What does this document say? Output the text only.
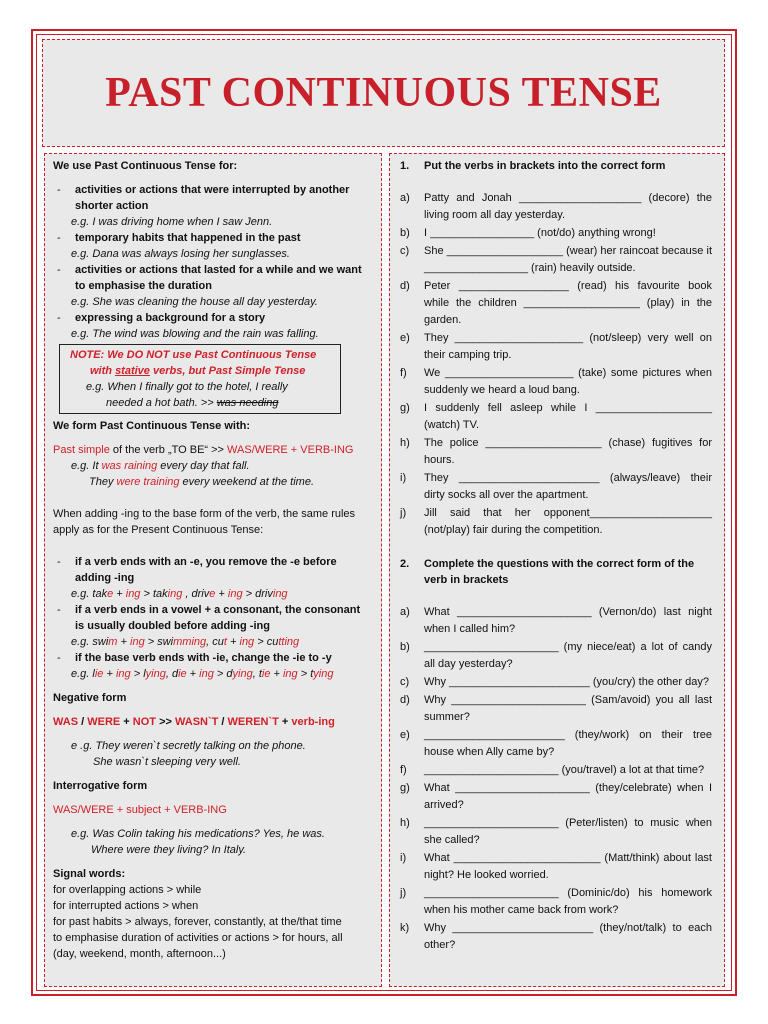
PAST CONTINUOUS TENSE

We use Past Continuous Tense for:

-	activities or actions that were interrupted by another shorter action

e.g. I was driving home when I saw Jenn.

-	temporary habits that happened in the past

e.g. Dana was always losing her sunglasses.

-	activities or actions that lasted for a while and we want to emphasise the duration

e.g. She was cleaning the house all day yesterday.

-	expressing a background for a story

e.g. The wind was blowing and the rain was falling.

NOTE: We DO NOT use Past Continuous Tense

with stative verbs, but Past Simple Tense

e.g. When I finally got to the hotel, I really

needed a hot bath. >> was needing

We form Past Continuous Tense with:

Past simple of the verb „TO BE“ >> WAS/WERE + VERB-ING

e.g. It was raining every day that fall.

They were training every weekend at the time.

When adding -ing to the base form of the verb, the same rules apply as for the Present Continuous Tense:

-	if a verb ends with an -e, you remove the -e before adding -ing

e.g. take + ing > taking , drive + ing > driving

-	if a verb ends in a vowel + a consonant, the consonant is usually doubled before adding -ing

e.g. swim + ing > swimming, cut + ing > cutting

-	if the base verb ends with -ie, change the -ie to -y

e.g. lie + ing > lying, die + ing > dying, tie + ing > tying

Negative form

WAS / WERE + NOT >> WASN`T / WEREN`T + verb-ing

e .g. They weren`t secretly talking on the phone.

She wasn`t sleeping very well.

Interrogative form

WAS/WERE + subject + VERB-ING

e.g. Was Colin taking his medications? Yes, he was.

Where were they living? In Italy.

Signal words:

for overlapping actions > while

for interrupted actions > when

for past habits > always, forever, constantly, at the/that time

to emphasise duration of activities or actions > for hours, all

(day, weekend, month, afternoon...)

1.	Put the verbs in brackets into the correct form
a)	Patty and Jonah ____________________ (decore) the living room all day yesterday.
b)	I _________________ (not/do) anything wrong!
c)	She ___________________ (wear) her raincoat because it _________________ (rain) heavily outside.
d)	Peter __________________ (read) his favourite book while the children ___________________ (play) in the garden.
e)	They _____________________ (not/sleep) very well on their camping trip.
f)	We _____________________ (take) some pictures when suddenly we heard a loud bang.
g)	I suddenly fell asleep while I ___________________ (watch) TV.
h)	The police ___________________ (chase) fugitives for hours.
i)	They _______________________ (always/leave) their dirty socks all over the apartment.
j)	Jill said that her opponent____________________ (not/play) fair during the competition.
2.	Complete the questions with the correct form of the verb in brackets
a)	What ______________________ (Vernon/do) last night when I called him?
b)	______________________ (my niece/eat) a lot of candy all day yesterday?
c)	Why _______________________ (you/cry) the other day?
d)	Why ______________________ (Sam/avoid) you all last summer?
e)	_______________________ (they/work) on their tree house when Ally came by?
f)	______________________ (you/travel) a lot at that time?
g)	What ______________________ (they/celebrate) when I arrived?
h)	______________________ (Peter/listen) to music when she called?
i)	What ________________________ (Matt/think) about last night? He looked worried.
j)	______________________ (Dominic/do) his homework when his mother came back from work?
k)	Why _______________________ (they/not/talk) to each other?
